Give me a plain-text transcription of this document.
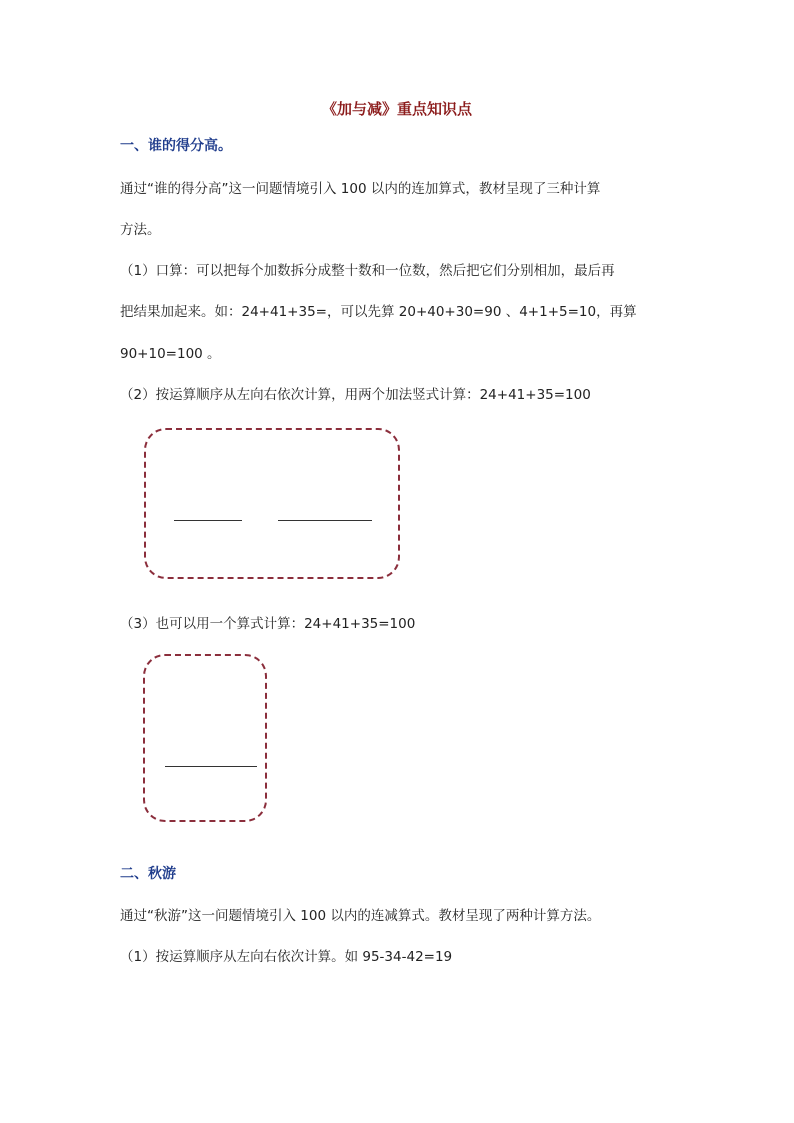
《加与减》重点知识点
一、谁的得分高。
通过“谁的得分高”这一问题情境引入 100 以内的连加算式，教材呈现了三种计算
方法。
（1）口算：可以把每个加数拆分成整十数和一位数，然后把它们分别相加，最后再
把结果加起来。如：24+41+35=，可以先算 20+40+30=90 、4+1+5=10，再算
90+10=100 。
（2）按运算顺序从左向右依次计算，用两个加法竖式计算：24+41+35=100
（3）也可以用一个算式计算：24+41+35=100
二、秋游
通过“秋游”这一问题情境引入 100 以内的连减算式。教材呈现了两种计算方法。
（1）按运算顺序从左向右依次计算。如 95-34-42=19
